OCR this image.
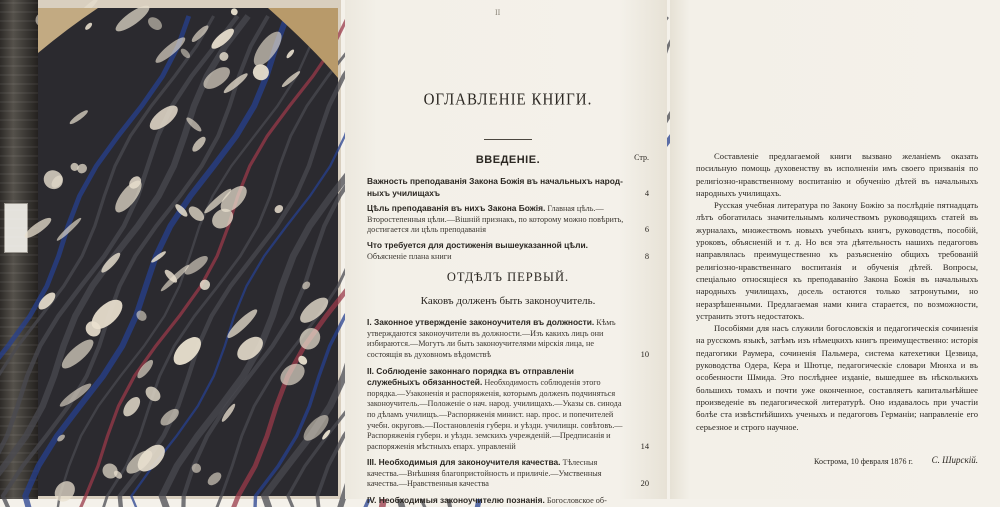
II
ОГЛАВЛЕНІЕ КНИГИ.
ВВЕДЕНІЕ.	Стр.
Важность преподаванія Закона Божія въ начальныхъ народ-ныхъ училищахъ	4
Цѣль преподаванія въ нихъ Закона Божія. Главная цѣль.—Второстепенныя цѣли.—Вішній признакъ, по которому можно повѣрить, достигается ли цѣль преподаванія	6
Что требуется для достиженія вышеуказанной цѣли. Объясненіе плана книги	8
ОТДѢЛЪ ПЕРВЫЙ.
Каковъ долженъ быть законоучитель.
I. Законное утвержденіе законоучителя въ должности. Кѣмъ утверждаются законоучители въ должности.—Изъ какихъ лицъ они избираются.—Могутъ ли быть законоучителями мірскія лица, не состоящія въ духовномъ вѣдомствѣ	10
II. Соблюденіе законнаго порядка въ отправленіи служебныхъ обязанностей. Необходимость соблюденія этого порядка.—Узаконенія и распоряженія, которымъ долженъ подчиняться законоучитель.—Положеніе о нач. народ. училищахъ.—Указы св. синода по дѣламъ училищъ.—Распоряженія минист. нар. прос. и попечителей учебн. округовъ.—Постановленія губерн. и уѣздн. училищн. совѣтовъ.—Распоряженія губерн. и уѣздн. земскихъ учрежденій.—Предписанія и распоряженія мѣстныхъ епарх. управленій	14
III. Необходимыя для законоучителя качества. Тѣлесныя качества.—Внѣшняя благопристойность и приличіе.—Умственныя качества.—Нравственныя качества	20
IV. Необходимыя законоучителю познанія. Богословское об-

Составленіе предлагаемой книги вызвано желаніемъ оказать посильную помощь духовенству въ исполненіи имъ своего призванія по религіозно-нравственному воспитанію и обученію дѣтей въ начальныхъ народныхъ училищахъ.

Русская учебная литература по Закону Божію за послѣдніе пятнадцать лѣтъ обогатилась значительнымъ количествомъ руководящихъ статей въ журналахъ, множествомъ новыхъ учебныхъ книгъ, руководствъ, пособій, уроковъ, объясненій и т. д. Но вся эта дѣятельность нашихъ педагоговъ направлялась преимущественно къ разъясненію общихъ требованій религіозно-нравственнаго воспитанія и обученія дѣтей. Вопросы, спеціально относящіеся къ преподаванію Закона Божія въ начальныхъ народныхъ училищахъ, досель остаются только затронутыми, но неразрѣшенными. Предлагаемая нами книга старается, по возможности, устранить этотъ недостатокъ.

Пособіями для насъ служили богословскія и педагогическія сочиненія на русскомъ языкѣ, затѣмъ изъ нѣмецкихъ книгъ преимущественно: исторія педагогики Раумера, сочиненія Пальмера, система катехетики Цезвица, руководства Одера, Кера и Шютце, педагогическіе словари Мюнха и въ особенности Шмида. Это послѣднее изданіе, вышедшее въ нѣсколькихъ большихъ томахъ и почти уже оконченное, составляетъ капитальнѣйшее произведеніе въ педагогической литературѣ. Оно издавалось при участіи болѣе ста извѣстнѣйшихъ ученыхъ и педагоговъ Германіи; направленіе его серьезное и строго научное.

Кострома, 10 февраля 1876 г. С. Ширскій.
